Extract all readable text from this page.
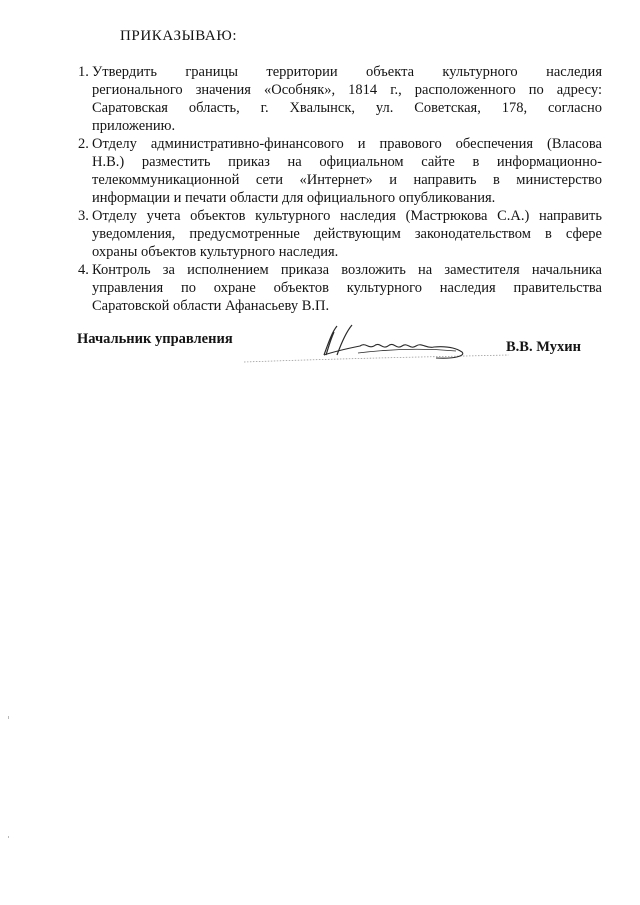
ПРИКАЗЫВАЮ:
1. Утвердить границы территории объекта культурного наследия
регионального значения «Особняк», 1814 г., расположенного по адресу:
Саратовская область, г. Хвалынск, ул. Советская, 178, согласно
приложению.
2. Отделу административно-финансового и правового обеспечения (Власова
Н.В.) разместить приказ на официальном сайте в информационно-
телекоммуникационной сети «Интернет» и направить в министерство
информации и печати области для официального опубликования.
3. Отделу учета объектов культурного наследия (Мастрюкова С.А.) направить
уведомления, предусмотренные действующим законодательством в сфере
охраны объектов культурного наследия.
4. Контроль за исполнением приказа возложить на заместителя начальника
управления по охране объектов культурного наследия правительства
Саратовской области Афанасьеву В.П.
Начальник управления	В.В. Мухин
